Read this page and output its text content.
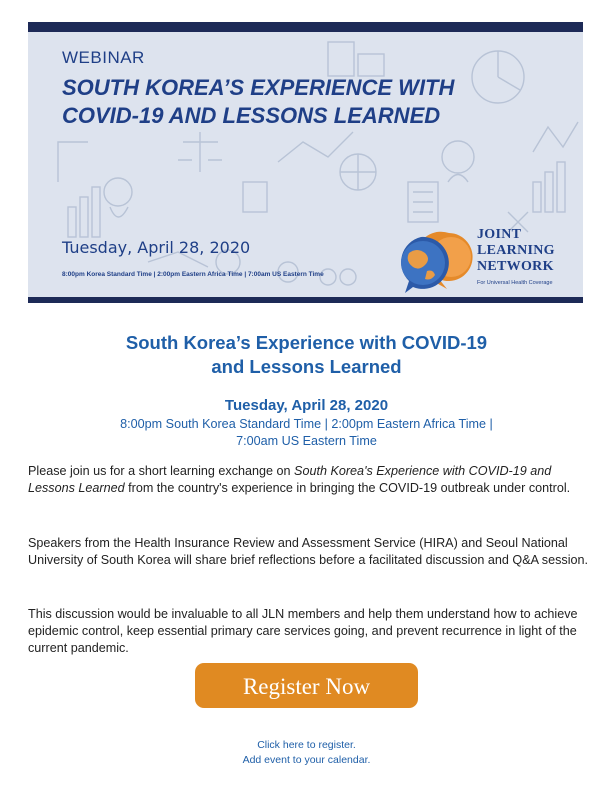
WEBINAR
SOUTH KOREA’S EXPERIENCE WITH
COVID-19 AND LESSONS LEARNED
Tuesday, April 28, 2020
8:00pm Korea Standard Time | 2:00pm Eastern Africa Time | 7:00am US Eastern Time
JOINT
LEARNING
NETWORK
For Universal Health Coverage
South Korea’s Experience with COVID-19
and Lessons Learned
Tuesday, April 28, 2020
8:00pm South Korea Standard Time | 2:00pm Eastern Africa Time |
7:00am US Eastern Time
Please join us for a short learning exchange on South Korea's Experience with COVID-19 and Lessons Learned from the country's experience in bringing the COVID-19 outbreak under control.
Speakers from the Health Insurance Review and Assessment Service (HIRA) and Seoul National University of South Korea will share brief reflections before a facilitated discussion and Q&A session.
This discussion would be invaluable to all JLN members and help them understand how to achieve epidemic control, keep essential primary care services going, and prevent recurrence in light of the current pandemic.
Register Now
Click here to register.
Add event to your calendar.
